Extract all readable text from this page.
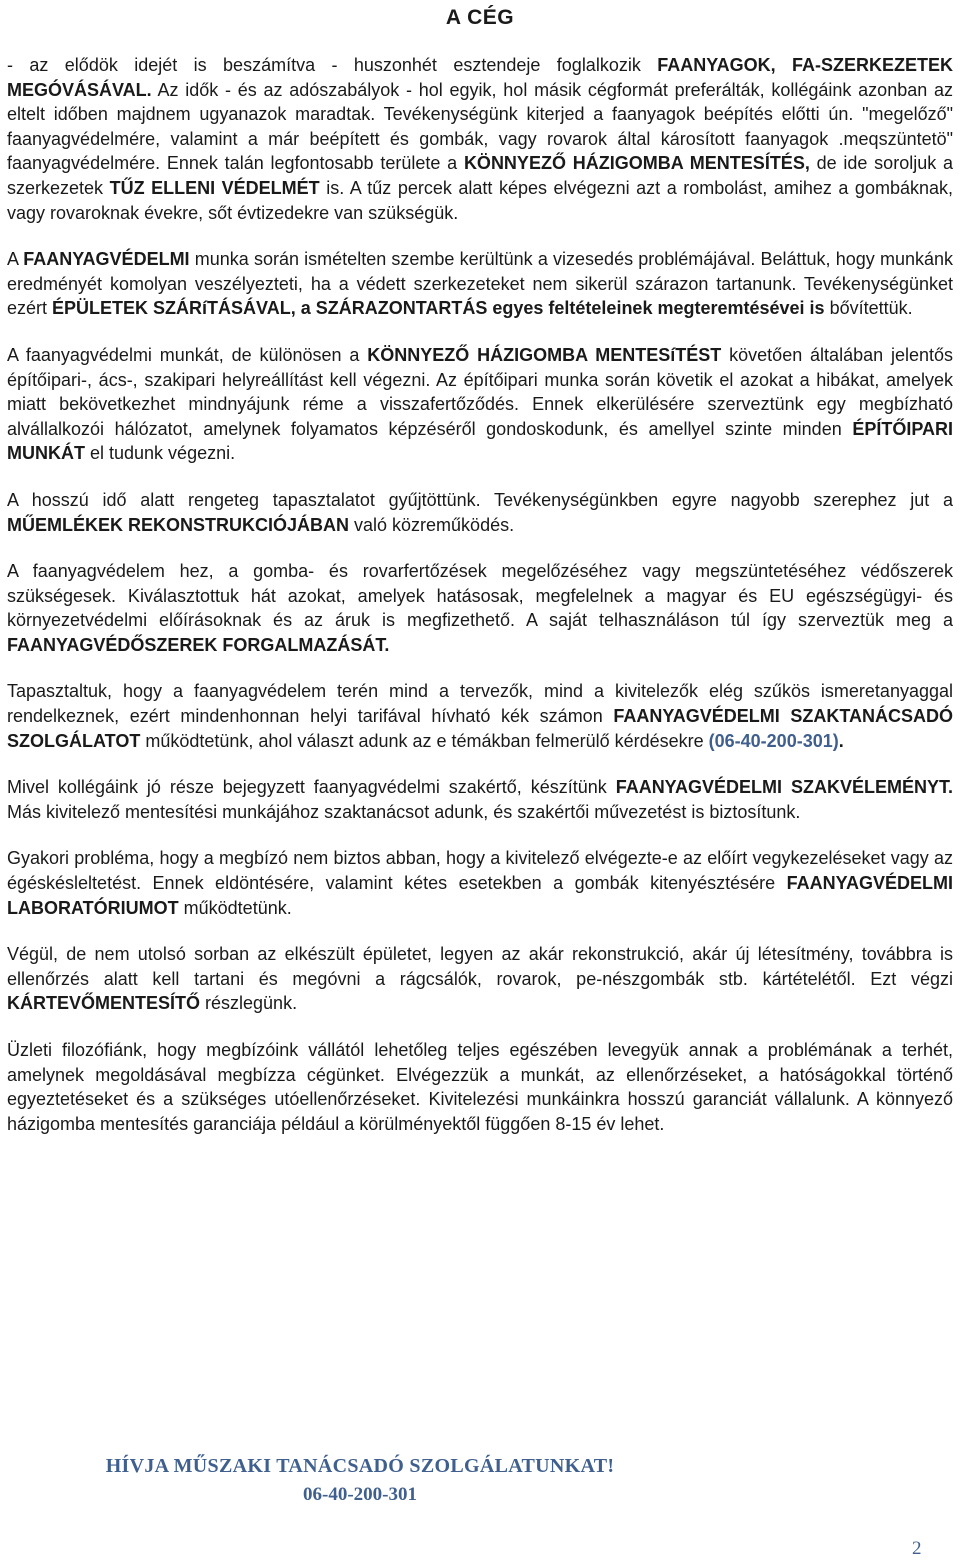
A CÉG

- az elődök idejét is beszámítva - huszonhét esztendeje foglalkozik FAANYAGOK, FA-SZERKEZETEK MEGÓVÁSÁVAL. Az idők - és az adószabályok - hol egyik, hol másik cégformát preferálták, kollégáink azonban az eltelt időben majdnem ugyanazok maradtak. Tevékenységünk kiterjed a faanyagok beépítés előtti ún. "megelőző" faanyagvédelmére, valamint a már beépített és gombák, vagy rovarok által károsított faanyagok .meqszüntetö" faanyagvédelmére. Ennek talán legfontosabb területe a KÖNNYEZŐ HÁZIGOMBA MENTESÍTÉS, de ide soroljuk a szerkezetek TŰZ ELLENI VÉDELMÉT is. A tűz percek alatt képes elvégezni azt a rombolást, amihez a gombáknak, vagy rovaroknak évekre, sőt évtizedekre van szükségük.

A FAANYAGVÉDELMI munka során ismételten szembe kerültünk a vizesedés problémájával. Beláttuk, hogy munkánk eredményét komolyan veszélyezteti, ha a védett szerkezeteket nem sikerül szárazon tartanunk. Tevékenységünket ezért ÉPÜLETEK SZÁRíTÁSÁVAL, a SZÁRAZONTARTÁS egyes feltételeinek megteremtésévei is bővítettük.

A faanyagvédelmi munkát, de különösen a KÖNNYEZŐ HÁZIGOMBA MENTESíTÉST követően általában jelentős építőipari-, ács-, szakipari helyreállítást kell végezni. Az építőipari munka során követik el azokat a hibákat, amelyek miatt bekövetkezhet mindnyájunk réme a visszafertőződés. Ennek elkerülésére szerveztünk egy megbízható alvállalkozói hálózatot, amelynek folyamatos képzéséről gondoskodunk, és amellyel szinte minden ÉPÍTŐIPARI MUNKÁT el tudunk végezni.

A hosszú idő alatt rengeteg tapasztalatot gyűjtöttünk. Tevékenységünkben egyre nagyobb szerephez jut a MŰEMLÉKEK REKONSTRUKCIÓJÁBAN való közreműködés.

A faanyagvédelem hez, a gomba- és rovarfertőzések megelőzéséhez vagy megszüntetéséhez védőszerek szükségesek. Kiválasztottuk hát azokat, amelyek hatásosak, megfelelnek a magyar és EU egészségügyi- és környezetvédelmi előírásoknak és az áruk is megfizethető. A saját telhasználáson túl így szerveztük meg a FAANYAGVÉDŐSZEREK FORGALMAZÁSÁT.

Tapasztaltuk, hogy a faanyagvédelem terén mind a tervezők, mind a kivitelezők elég szűkös ismeretanyaggal rendelkeznek, ezért mindenhonnan helyi tarifával hívható kék számon FAANYAGVÉDELMI SZAKTANÁCSADÓ SZOLGÁLATOT működtetünk, ahol választ adunk az e témákban felmerülő kérdésekre (06-40-200-301).

Mivel kollégáink jó része bejegyzett faanyagvédelmi szakértő, készítünk FAANYAGVÉDELMI SZAKVÉLEMÉNYT. Más kivitelező mentesítési munkájához szaktanácsot adunk, és szakértői művezetést is biztosítunk.

Gyakori probléma, hogy a megbízó nem biztos abban, hogy a kivitelező elvégezte-e az előírt vegykezeléseket vagy az égéskésleltetést. Ennek eldöntésére, valamint kétes esetekben a gombák kitenyésztésére FAANYAGVÉDELMI LABORATÓRIUMOT működtetünk.

Végül, de nem utolsó sorban az elkészült épületet, legyen az akár rekonstrukció, akár új létesítmény, továbbra is ellenőrzés alatt kell tartani és megóvni a rágcsálók, rovarok, pe-nészgombák stb. kártételétől. Ezt végzi KÁRTEVŐMENTESÍTŐ részlegünk.

Üzleti filozófiánk, hogy megbízóink vállától lehetőleg teljes egészében levegyük annak a problémának a terhét, amelynek megoldásával megbízza cégünket. Elvégezzük a munkát, az ellenőrzéseket, a hatóságokkal történő egyeztetéseket és a szükséges utóellenőrzéseket. Kivitelezési munkáinkra hosszú garanciát vállalunk. A könnyező házigomba mentesítés garanciája például a körülményektől függően 8-15 év lehet.

HÍVJA MŰSZAKI TANÁCSADÓ SZOLGÁLATUNKAT!
06-40-200-301
2
